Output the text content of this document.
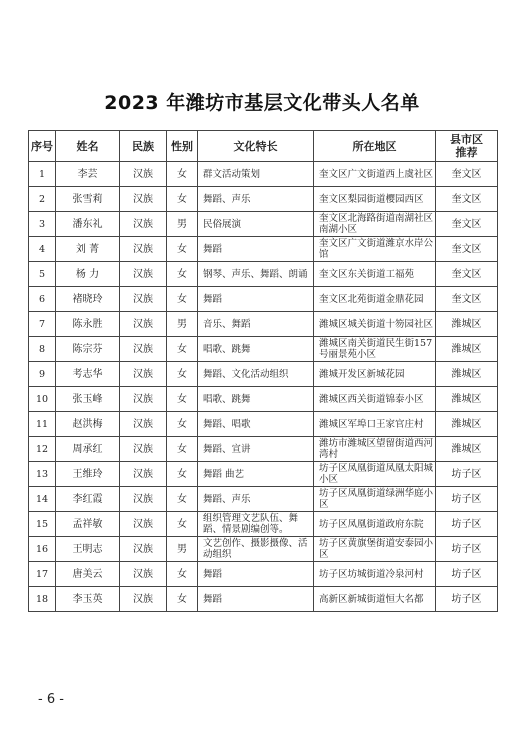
2023 年潍坊市基层文化带头人名单
序号	姓名	民族	性别	文化特长	所在地区	县市区
推荐

1	李芸	汉族	女	群文活动策划	奎文区广文街道西上虞社区	奎文区
2	张雪莉	汉族	女	舞蹈、声乐	奎文区梨园街道樱园西区	奎文区
3	潘东礼	汉族	男	民俗展演	奎文区北海路街道南湖社区南湖小区	奎文区
4	刘 菁	汉族	女	舞蹈	奎文区广文街道潍京水岸公馆	奎文区
5	杨 力	汉族	女	钢琴、声乐、舞蹈、朗诵	奎文区东关街道工福苑	奎文区
6	褚晓玲	汉族	女	舞蹈	奎文区北苑街道金鼎花园	奎文区
7	陈永胜	汉族	男	音乐、舞蹈	潍城区城关街道十笏园社区	潍城区
8	陈宗芬	汉族	女	唱歌、跳舞	潍城区南关街道民生街157号丽景苑小区	潍城区
9	考志华	汉族	女	舞蹈、文化活动组织	潍城开发区新城花园	潍城区
10	张玉峰	汉族	女	唱歌、跳舞	潍城区西关街道锦泰小区	潍城区
11	赵洪梅	汉族	女	舞蹈、唱歌	潍城区军埠口王家官庄村	潍城区
12	周承红	汉族	女	舞蹈、宣讲	潍坊市潍城区望留街道西河湾村	潍城区
13	王维玲	汉族	女	舞蹈 曲艺	坊子区凤凰街道凤凰太阳城小区	坊子区
14	李红霞	汉族	女	舞蹈、声乐	坊子区凤凰街道绿洲华庭小区	坊子区
15	孟祥敏	汉族	女	组织管理文艺队伍、舞蹈、情景剧编创等。	坊子区凤凰街道政府东院	坊子区
16	王明志	汉族	男	文艺创作、摄影摄像、活动组织	坊子区黄旗堡街道安泰园小区	坊子区
17	唐美云	汉族	女	舞蹈	坊子区坊城街道冷泉河村	坊子区
18	李玉英	汉族	女	舞蹈	高新区新城街道恒大名都	坊子区
- 6 -
